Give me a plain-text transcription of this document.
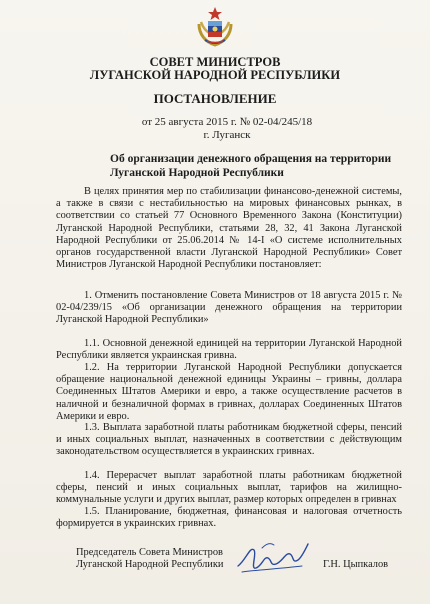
СОВЕТ МИНИСТРОВ

ЛУГАНСКОЙ НАРОДНОЙ РЕСПУБЛИКИ

ПОСТАНОВЛЕНИЕ

от 25 августа 2015 г. № 02-04/245/18

г. Луганск

Об организации денежного обращения на территории Луганской Народной Республики

В целях принятия мер по стабилизации финансово-денежной системы, а также в связи с нестабильностью на мировых финансовых рынках, в соответствии со статьей 77 Основного Временного Закона (Конституции) Луганской Народной Республики, статьями 28, 32, 41 Закона Луганской Народной Республики от 25.06.2014 № 14-І «О системе исполнительных органов государственной власти Луганской Народной Республики» Совет Министров Луганской Народной Республики постановляет:

1. Отменить постановление Совета Министров от 18 августа 2015 г. № 02-04/239/15 «Об организации денежного обращения на территории Луганской Народной Республики»

1.1. Основной денежной единицей на территории Луганской Народной Республики является украинская гривна.

1.2. На территории Луганской Народной Республики допускается обращение национальной денежной единицы Украины – гривны, доллара Соединенных Штатов Америки и евро, а также осуществление расчетов в наличной и безналичной формах в гривнах, долларах Соединенных Штатов Америки и евро.

1.3. Выплата заработной платы работникам бюджетной сферы, пенсий и иных социальных выплат, назначенных в соответствии с действующим законодательством осуществляется в украинских гривнах.

1.4. Перерасчет выплат заработной платы работникам бюджетной сферы, пенсий и иных социальных выплат, тарифов на жилищно-коммунальные услуги и других выплат, размер которых определен в гривнах

1.5. Планирование, бюджетная, финансовая и налоговая отчетность формируется в украинских гривнах.

Председатель Совета Министров
Луганской Народной Республики	Г.Н. Цыпкалов
